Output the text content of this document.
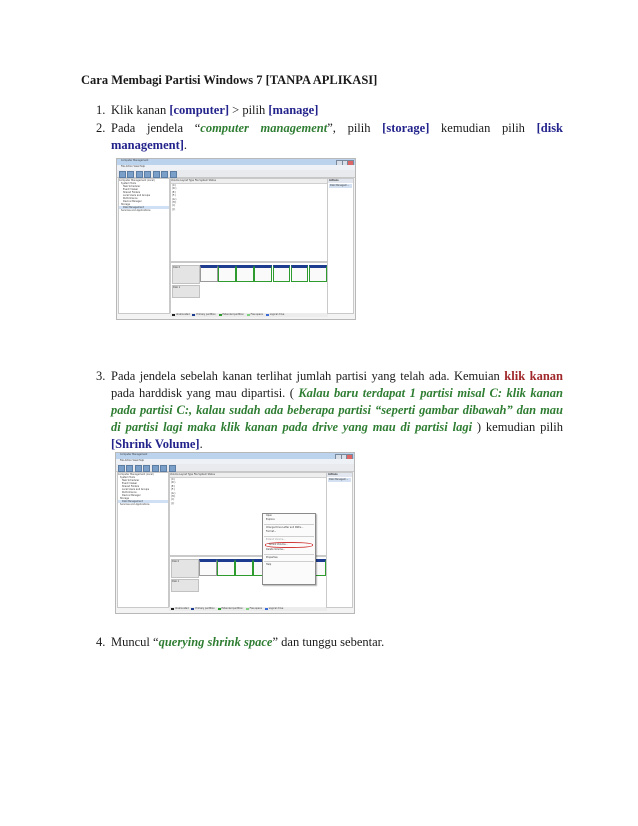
Cara Membagi Partisi Windows 7 [TANPA APLIKASI]
1. Klik kanan [computer] > pilih [manage]
2. Pada jendela “computer management”, pilih [storage] kemudian pilih [disk management].
Computer Management
File Action View Help
Computer Management (Local)
System Tools
Task Scheduler
Event Viewer
Shared Folders
Local Users and Groups
Performance
Device Manager
Storage
Disk Management
Services and Applications
Volume Layout Type File System Status
(C:)
(D:)
(E:)
(F:)
(G:)
(H:)
(I:)
(J:)
Disk 0
Disk 1
Unallocated	Primary partition	Extended partition	Free space	Logical drive
Actions
Disk Managem...
3. Pada jendela sebelah kanan terlihat jumlah partisi yang telah ada. Kemuian klik kanan pada harddisk yang mau dipartisi. ( Kalau baru terdapat 1 partisi misal C: klik kanan pada partisi C:, kalau sudah ada beberapa partisi “seperti gambar dibawah” dan mau di partisi lagi maka klik kanan pada drive yang mau di partisi lagi ) kemudian pilih [Shrink Volume].
Computer Management
File Action View Help
Computer Management (Local)
System Tools
Task Scheduler
Event Viewer
Shared Folders
Local Users and Groups
Performance
Device Manager
Storage
Disk Management
Services and Applications
Volume Layout Type File System Status
(C:)
(D:)
(E:)
(F:)
(G:)
(H:)
(I:)
(J:)
Disk 0
Disk 1
Unallocated	Primary partition	Extended partition	Free space	Logical drive
Actions
Disk Managem...
Open
Explore
Change Drive Letter and Paths...
Format...
Extend Volume...
Shrink Volume...
Delete Volume...
Properties
Help
4. Muncul “querying shrink space” dan tunggu sebentar.
